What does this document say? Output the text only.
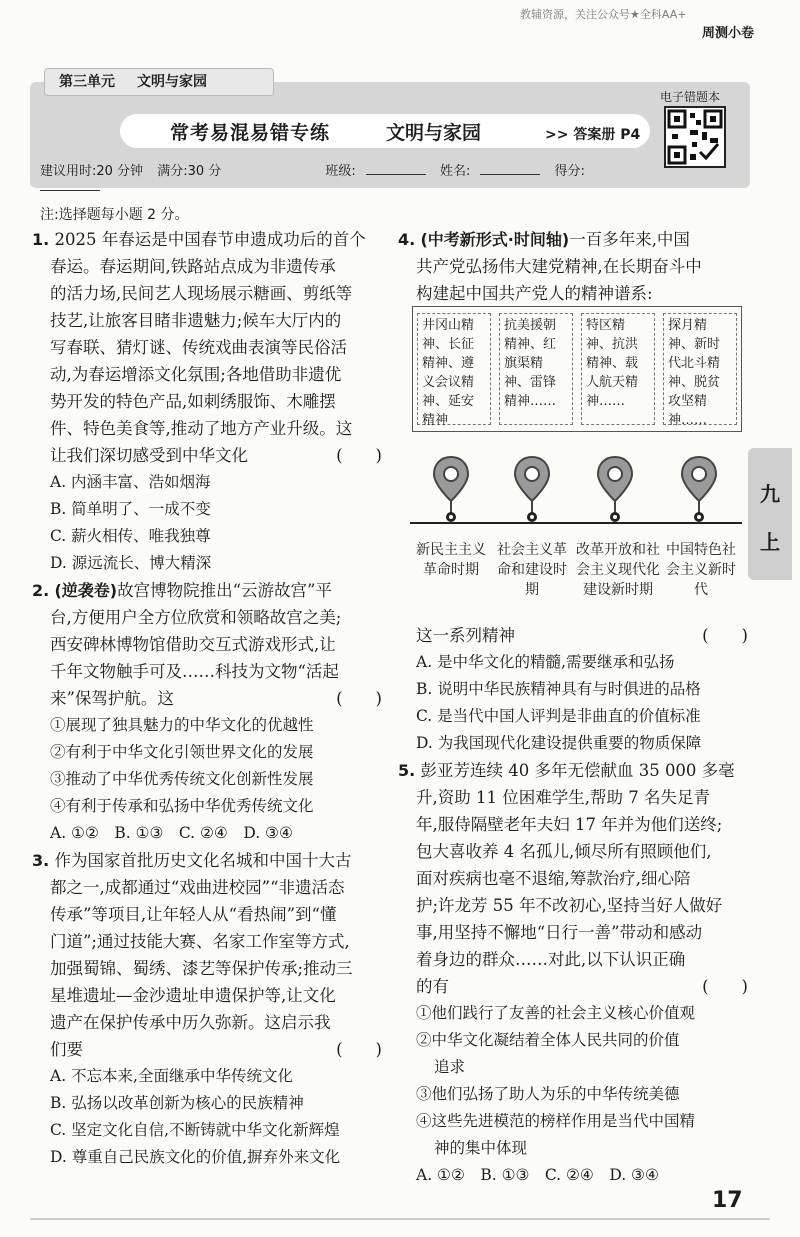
教辅资源，关注公众号★全科AA+
周测小卷
第三单元 文明与家园
常考易混易错专练	文明与家园	>> 答案册 P4
电子错题本
建议用时:20 分钟 满分:30 分	班级:	姓名:	得分:
注:选择题每小题 2 分。
1. 2025 年春运是中国春节申遗成功后的首个
春运。春运期间,铁路站点成为非遗传承
的活力场,民间艺人现场展示糖画、剪纸等
技艺,让旅客目睹非遗魅力;候车大厅内的
写春联、猜灯谜、传统戏曲表演等民俗活
动,为春运增添文化氛围;各地借助非遗优
势开发的特色产品,如刺绣服饰、木雕摆
件、特色美食等,推动了地方产业升级。这
让我们深切感受到中华文化	(　　)
A. 内涵丰富、浩如烟海
B. 简单明了、一成不变
C. 薪火相传、唯我独尊
D. 源远流长、博大精深
2. (逆袭卷)故宫博物院推出“云游故宫”平
台,方便用户全方位欣赏和领略故宫之美;
西安碑林博物馆借助交互式游戏形式,让
千年文物触手可及……科技为文物“活起
来”保驾护航。这	(　　)
①展现了独具魅力的中华文化的优越性
②有利于中华文化引领世界文化的发展
③推动了中华优秀传统文化创新性发展
④有利于传承和弘扬中华优秀传统文化
A. ①②　B. ①③　C. ②④　D. ③④
3. 作为国家首批历史文化名城和中国十大古
都之一,成都通过“戏曲进校园”“非遗活态
传承”等项目,让年轻人从“看热闹”到“懂
门道”;通过技能大赛、名家工作室等方式,
加强蜀锦、蜀绣、漆艺等保护传承;推动三
星堆遗址—金沙遗址申遗保护等,让文化
遗产在保护传承中历久弥新。这启示我
们要	(　　)
A. 不忘本来,全面继承中华传统文化
B. 弘扬以改革创新为核心的民族精神
C. 坚定文化自信,不断铸就中华文化新辉煌
D. 尊重自己民族文化的价值,摒弃外来文化
4. (中考新形式·时间轴)一百多年来,中国
共产党弘扬伟大建党精神,在长期奋斗中
构建起中国共产党人的精神谱系:
井冈山精神、长征精神、遵义会议精神、延安精神
抗美援朝精神、红旗渠精神、雷锋精神……
特区精神、抗洪精神、载人航天精神……
探月精神、新时代北斗精神、脱贫攻坚精神……
新民主主义革命时期
社会主义革命和建设时期
改革开放和社会主义现代化建设新时期
中国特色社会主义新时代
这一系列精神	(　　)
A. 是中华文化的精髓,需要继承和弘扬
B. 说明中华民族精神具有与时俱进的品格
C. 是当代中国人评判是非曲直的价值标准
D. 为我国现代化建设提供重要的物质保障
5. 彭亚芳连续 40 多年无偿献血 35 000 多毫
升,资助 11 位困难学生,帮助 7 名失足青
年,服侍隔壁老年夫妇 17 年并为他们送终;
包大喜收养 4 名孤儿,倾尽所有照顾他们,
面对疾病也毫不退缩,筹款治疗,细心陪
护;许龙芳 55 年不改初心,坚持当好人做好
事,用坚持不懈地“日行一善”带动和感动
着身边的群众……对此,以下认识正确
的有	(　　)
①他们践行了友善的社会主义核心价值观
②中华文化凝结着全体人民共同的价值
追求
③他们弘扬了助人为乐的中华传统美德
④这些先进模范的榜样作用是当代中国精
神的集中体现
A. ①②　B. ①③　C. ②④　D. ③④
九
上
17
